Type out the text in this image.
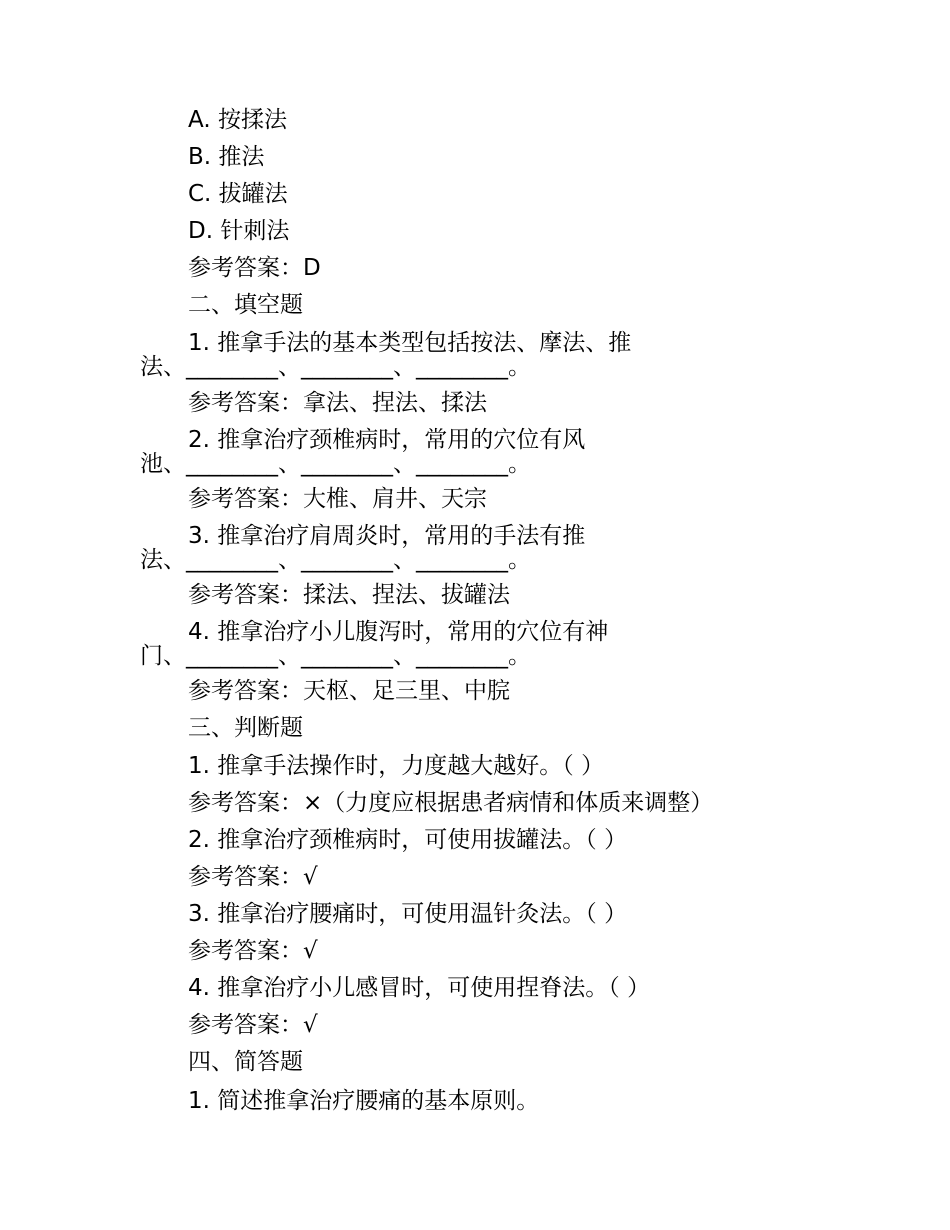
A. 按揉法
B. 推法
C. 拔罐法
D. 针刺法
参考答案：D
二、填空题
1. 推拿手法的基本类型包括按法、摩法、推
法、________、________、________。
参考答案：拿法、捏法、揉法
2. 推拿治疗颈椎病时，常用的穴位有风
池、________、________、________。
参考答案：大椎、肩井、天宗
3. 推拿治疗肩周炎时，常用的手法有推
法、________、________、________。
参考答案：揉法、捏法、拔罐法
4. 推拿治疗小儿腹泻时，常用的穴位有神
门、________、________、________。
参考答案：天枢、足三里、中脘
三、判断题
1. 推拿手法操作时，力度越大越好。（ ）
参考答案：×（力度应根据患者病情和体质来调整）
2. 推拿治疗颈椎病时，可使用拔罐法。（ ）
参考答案：√
3. 推拿治疗腰痛时，可使用温针灸法。（ ）
参考答案：√
4. 推拿治疗小儿感冒时，可使用捏脊法。（ ）
参考答案：√
四、简答题
1. 简述推拿治疗腰痛的基本原则。
